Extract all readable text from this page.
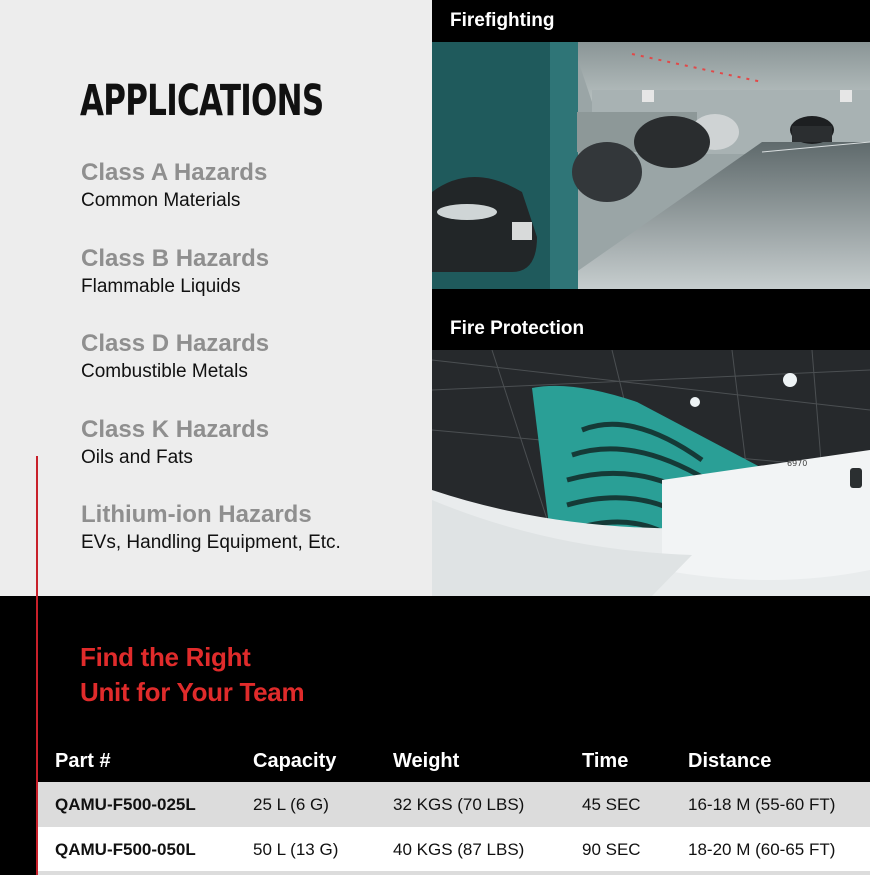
APPLICATIONS
Class A Hazards
Common Materials
Class B Hazards
Flammable Liquids
Class D Hazards
Combustible Metals
Class K Hazards
Oils and Fats
Lithium-ion Hazards
EVs, Handling Equipment, Etc.
Firefighting
Fire Protection
6970
Find the Right
Unit for Your Team
Part #	Capacity	Weight	Time	Distance
QAMU-F500-025L	25 L (6 G)	32 KGS (70 LBS)	45 SEC	16-18 M (55-60 FT)
QAMU-F500-050L	50 L (13 G)	40 KGS (87 LBS)	90 SEC	18-20 M (60-65 FT)
